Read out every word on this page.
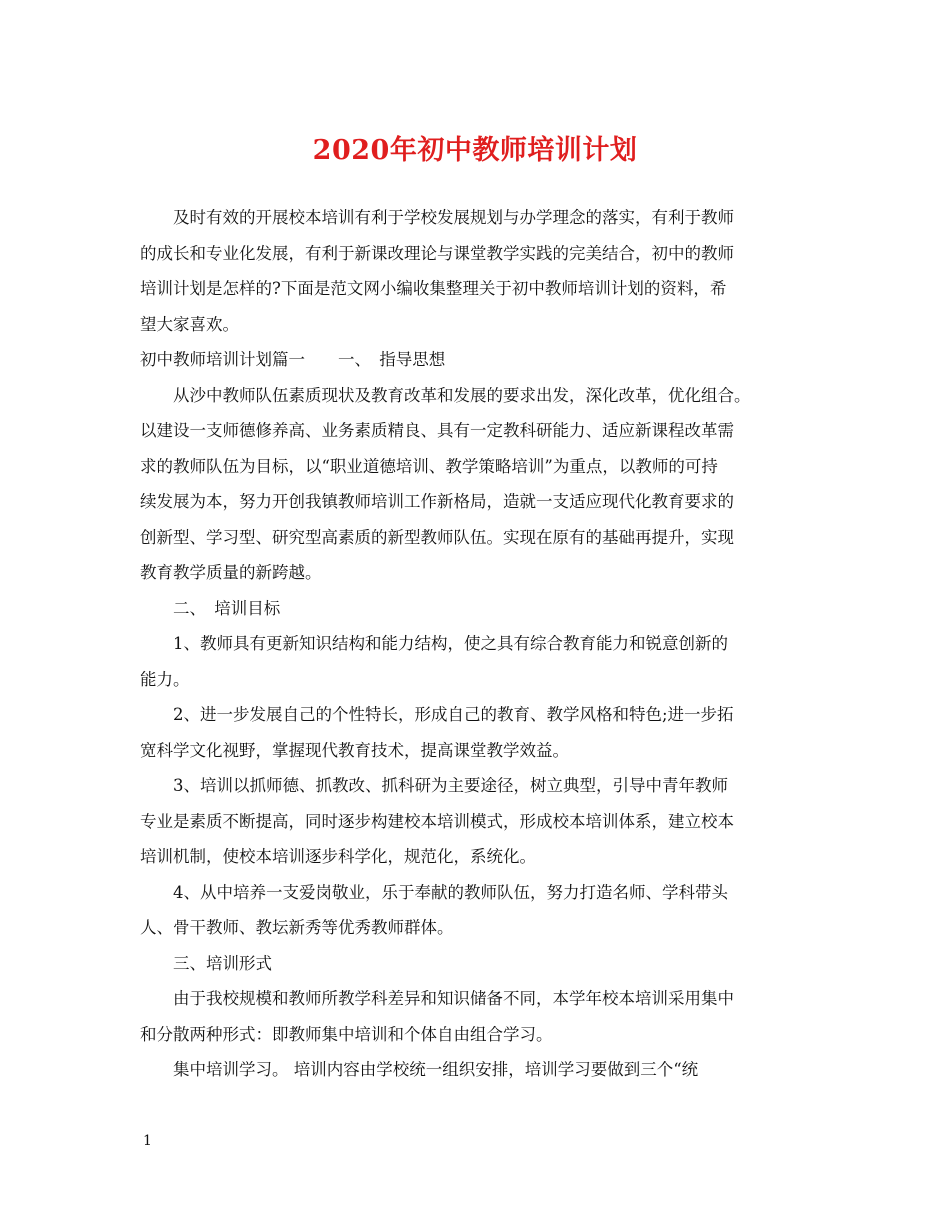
2020年初中教师培训计划
及时有效的开展校本培训有利于学校发展规划与办学理念的落实，有利于教师
的成长和专业化发展，有利于新课改理论与课堂教学实践的完美结合，初中的教师
培训计划是怎样的?下面是范文网小编收集整理关于初中教师培训计划的资料，希
望大家喜欢。
初中教师培训计划篇一　　一、　指导思想
从沙中教师队伍素质现状及教育改革和发展的要求出发，深化改革，优化组合。
以建设一支师德修养高、业务素质精良、具有一定教科研能力、适应新课程改革需
求的教师队伍为目标，以“职业道德培训、教学策略培训”为重点，以教师的可持
续发展为本，努力开创我镇教师培训工作新格局，造就一支适应现代化教育要求的
创新型、学习型、研究型高素质的新型教师队伍。实现在原有的基础再提升，实现
教育教学质量的新跨越。
二、　培训目标
1、教师具有更新知识结构和能力结构，使之具有综合教育能力和锐意创新的
能力。
2、进一步发展自己的个性特长，形成自己的教育、教学风格和特色;进一步拓
宽科学文化视野，掌握现代教育技术，提高课堂教学效益。
3、培训以抓师德、抓教改、抓科研为主要途径，树立典型，引导中青年教师
专业是素质不断提高，同时逐步构建校本培训模式，形成校本培训体系，建立校本
培训机制，使校本培训逐步科学化，规范化，系统化。
4、从中培养一支爱岗敬业，乐于奉献的教师队伍，努力打造名师、学科带头
人、骨干教师、教坛新秀等优秀教师群体。
三、培训形式
由于我校规模和教师所教学科差异和知识储备不同，本学年校本培训采用集中
和分散两种形式：即教师集中培训和个体自由组合学习。
集中培训学习。 培训内容由学校统一组织安排，培训学习要做到三个“统
1
